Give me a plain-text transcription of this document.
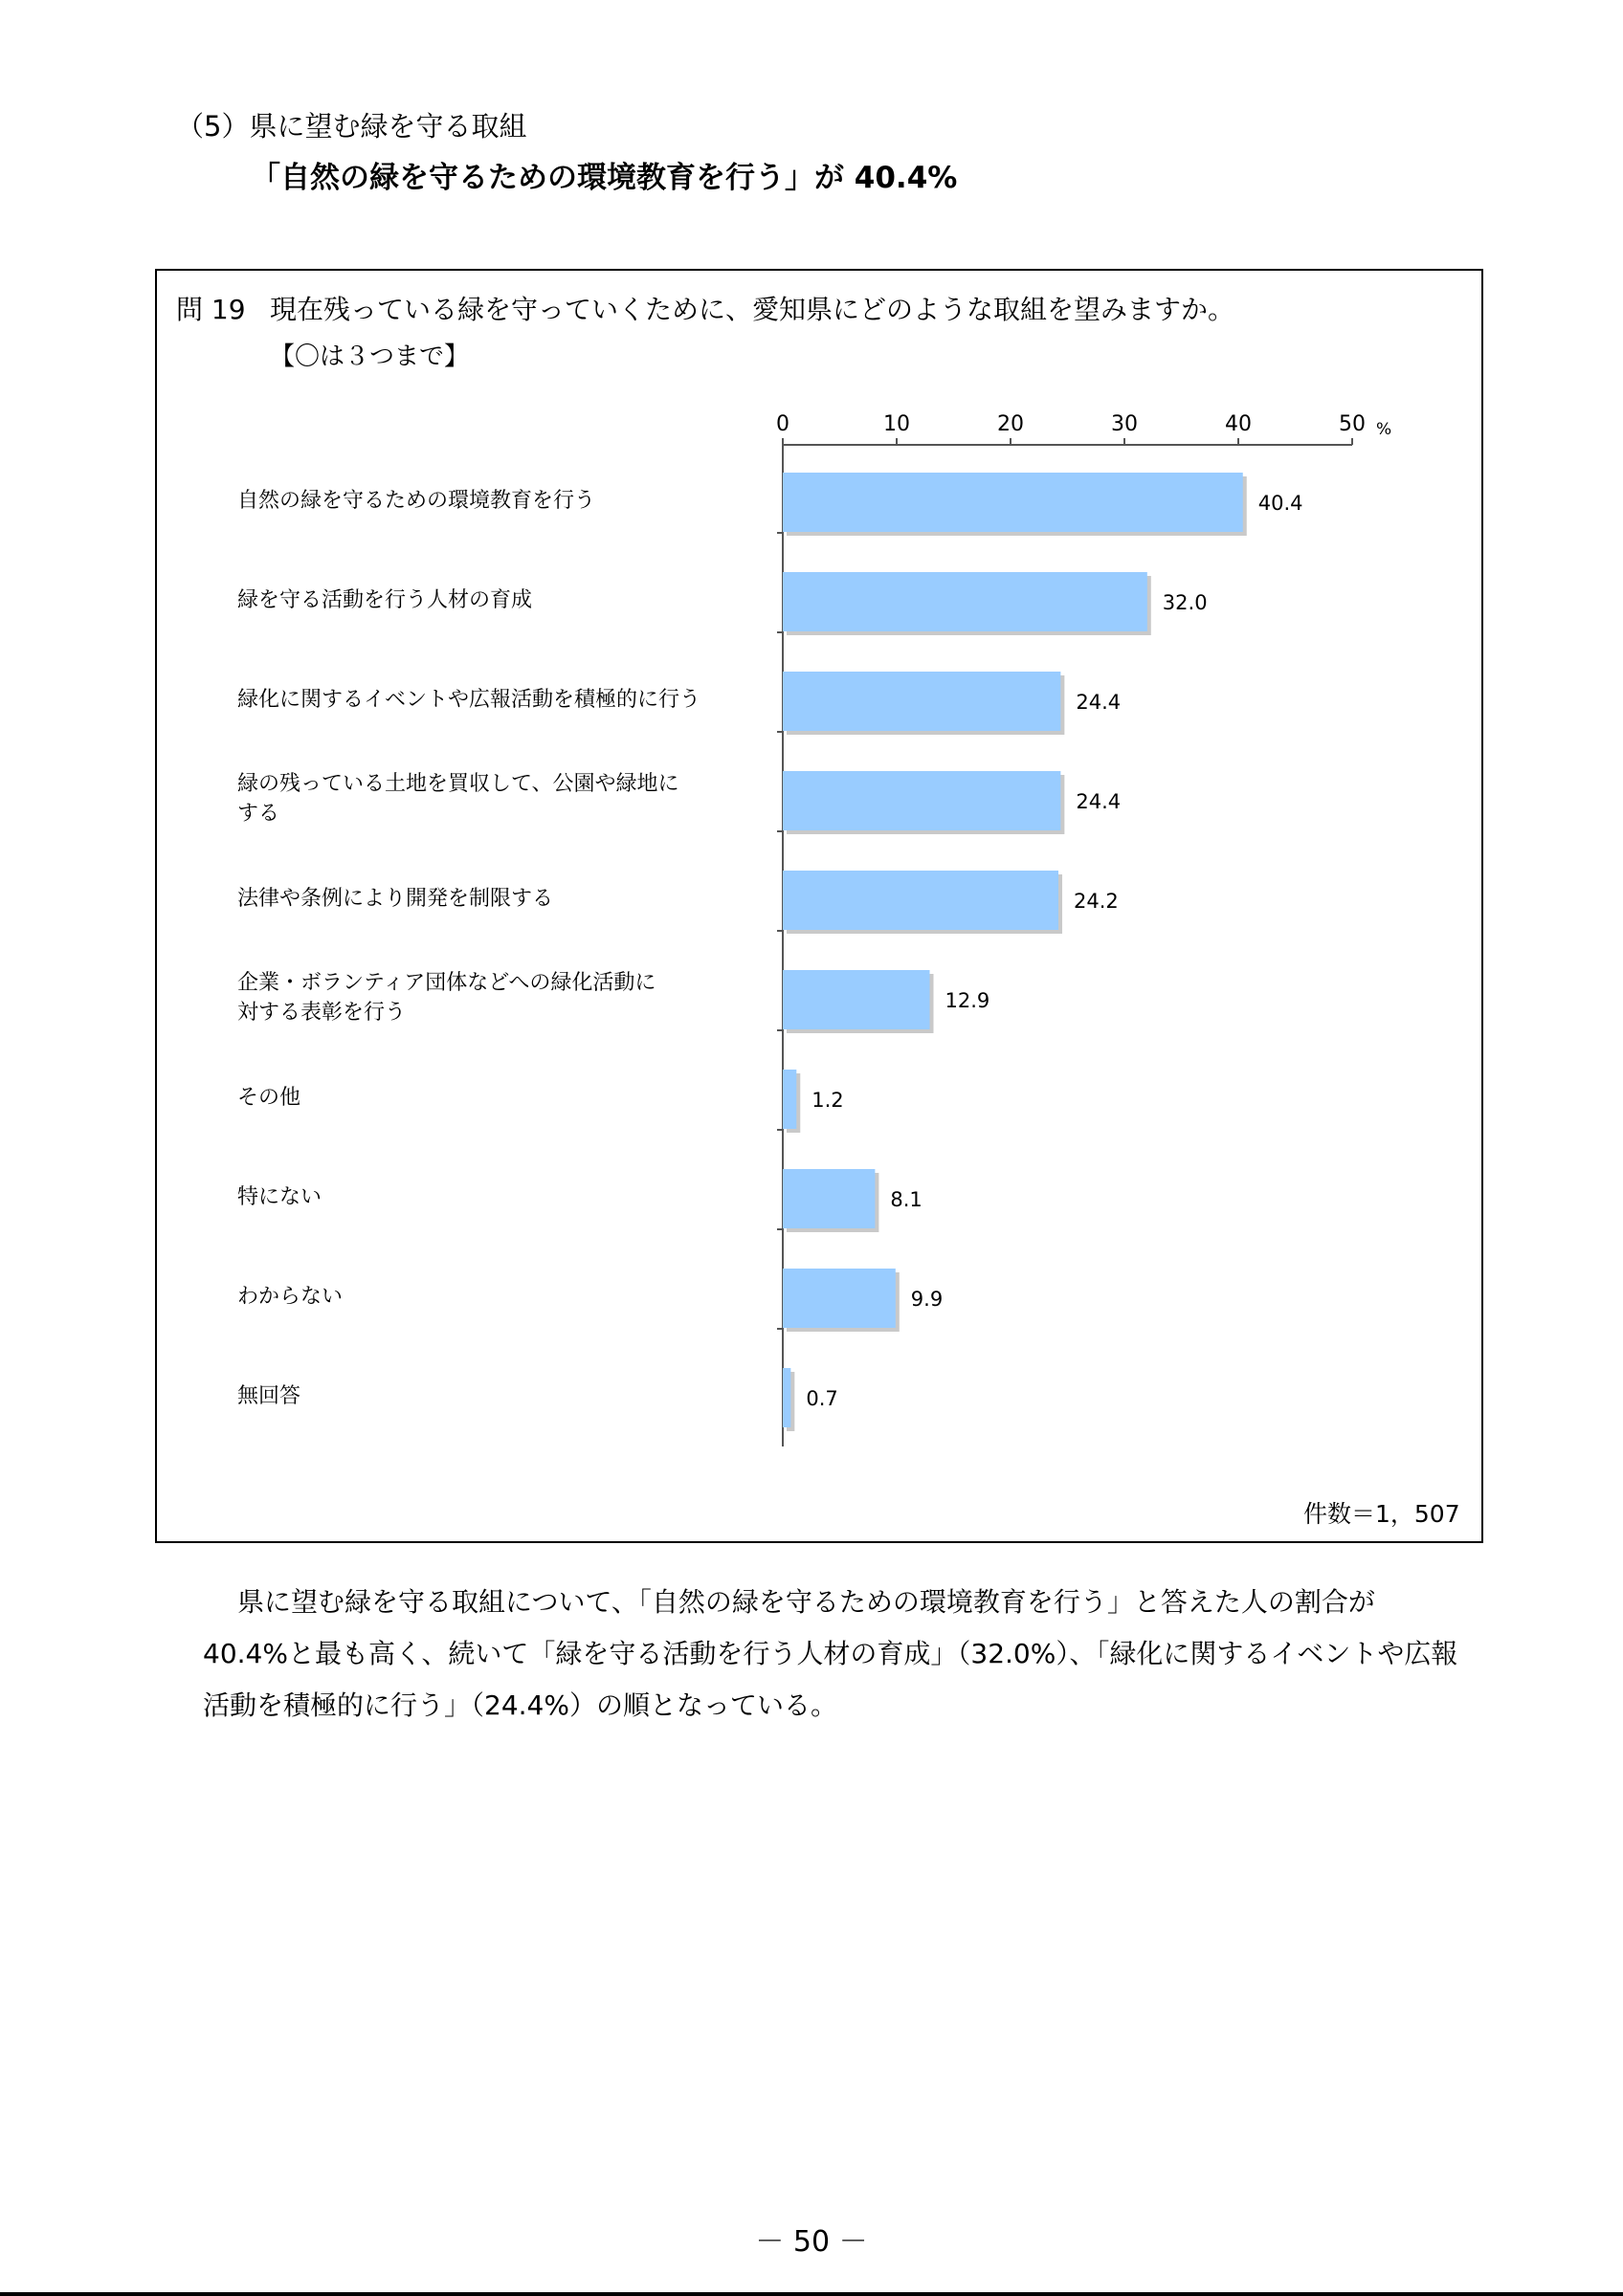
（5）県に望む緑を守る取組
「自然の緑を守るための環境教育を行う」が 40.4%
問 19 現在残っている緑を守っていくために、愛知県にどのような取組を望みますか。
【〇は３つまで】
自然の緑を守るための環境教育を行う
緑を守る活動を行う人材の育成
緑化に関するイベントや広報活動を積極的に行う
緑の残っている土地を買収して、公園や緑地に
する
法律や条例により開発を制限する
企業・ボランティア団体などへの緑化活動に
対する表彰を行う
その他
特にない
わからない
無回答
0	10	20	30	40	50 %
40.4
32.0
24.4
24.4
24.2
12.9
1.2
8.1
9.9
0.7
件数＝1，507
県に望む緑を守る取組について、「自然の緑を守るための環境教育を行う」と答えた人の割合が 40.4%と最も高く、続いて「緑を守る活動を行う人材の育成」（32.0%）、「緑化に関するイベントや広報活動を積極的に行う」（24.4%）の順となっている。
－ 50 －
